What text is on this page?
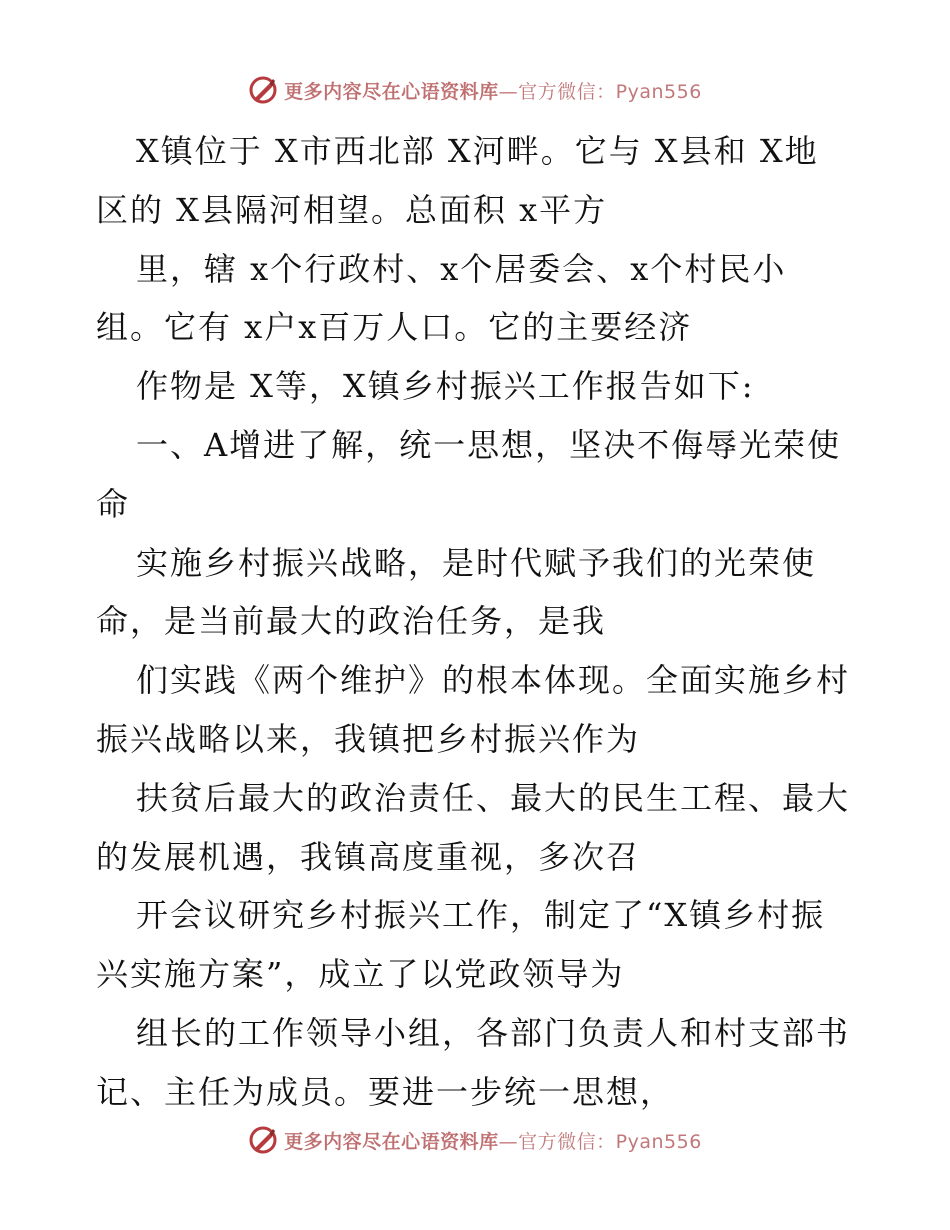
更多内容尽在心语资料库—官方微信：Pyan556
X镇位于 X市西北部 X河畔。它与 X县和 X地
区的 X县隔河相望。总面积 x平方
里，辖 x个行政村、x个居委会、x个村民小
组。它有 x户x百万人口。它的主要经济
作物是 X等，X镇乡村振兴工作报告如下:
一、A增进了解，统一思想，坚决不侮辱光荣使
命
实施乡村振兴战略，是时代赋予我们的光荣使
命，是当前最大的政治任务，是我
们实践《两个维护》的根本体现。全面实施乡村
振兴战略以来，我镇把乡村振兴作为
扶贫后最大的政治责任、最大的民生工程、最大
的发展机遇，我镇高度重视，多次召
开会议研究乡村振兴工作，制定了“X镇乡村振
兴实施方案”，成立了以党政领导为
组长的工作领导小组，各部门负责人和村支部书
记、主任为成员。要进一步统一思想，
更多内容尽在心语资料库—官方微信：Pyan556
